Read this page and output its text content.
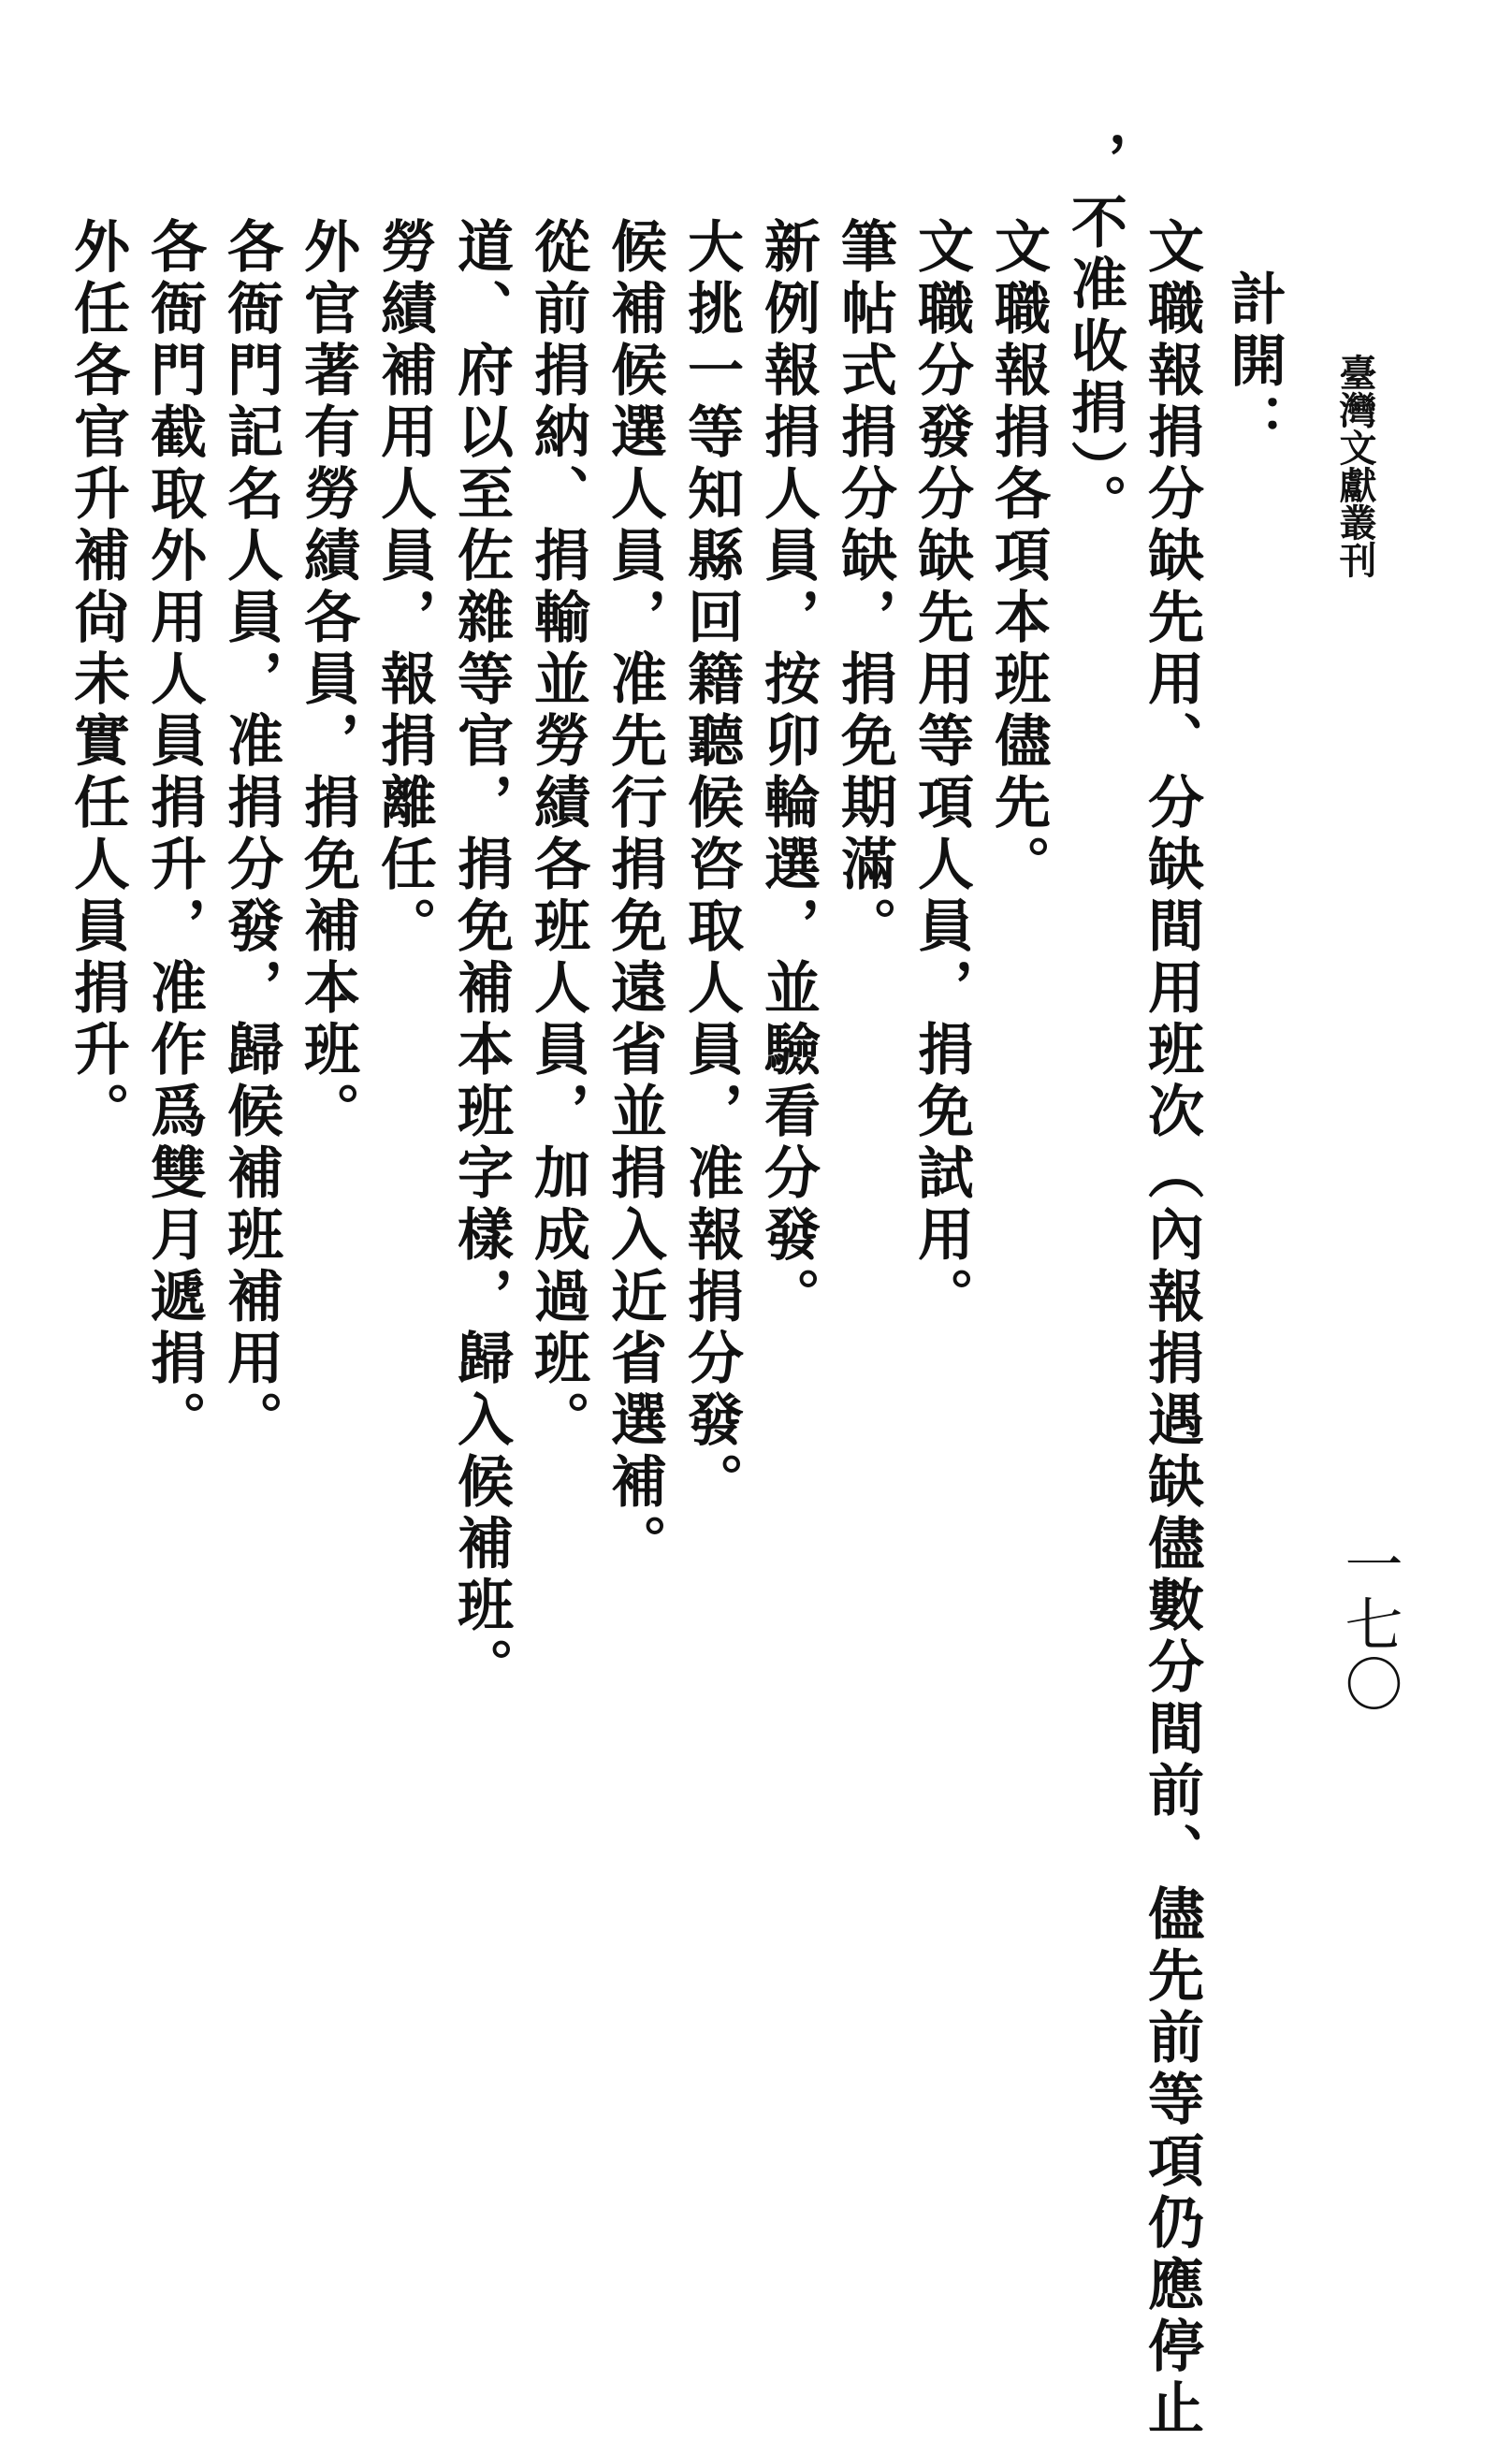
臺灣文獻叢刊
一七〇
計開：
文職報捐分缺先用、分缺間用班次（內報捐遇缺儘數分間前、儘先前等項仍應停止
，不准收捐）。
文職報捐各項本班儘先。
文職分發分缺先用等項人員，捐免試用。
筆帖式捐分缺，捐免期滿。
新例報捐人員，按卯輪選，並驗看分發。
大挑一等知縣回籍聽候咨取人員，准報捐分發。
候補候選人員，准先行捐免遠省並捐入近省選補。
從前捐納、捐輸並勞績各班人員，加成過班。
道、府以至佐雜等官，捐免補本班字樣，歸入候補班。
勞績補用人員，報捐離任。
外官著有勞績各員，捐免補本班。
各衙門記名人員，准捐分發，歸候補班補用。
各衙門截取外用人員捐升，准作爲雙月遞捐。
外任各官升補尙未實任人員捐升。
